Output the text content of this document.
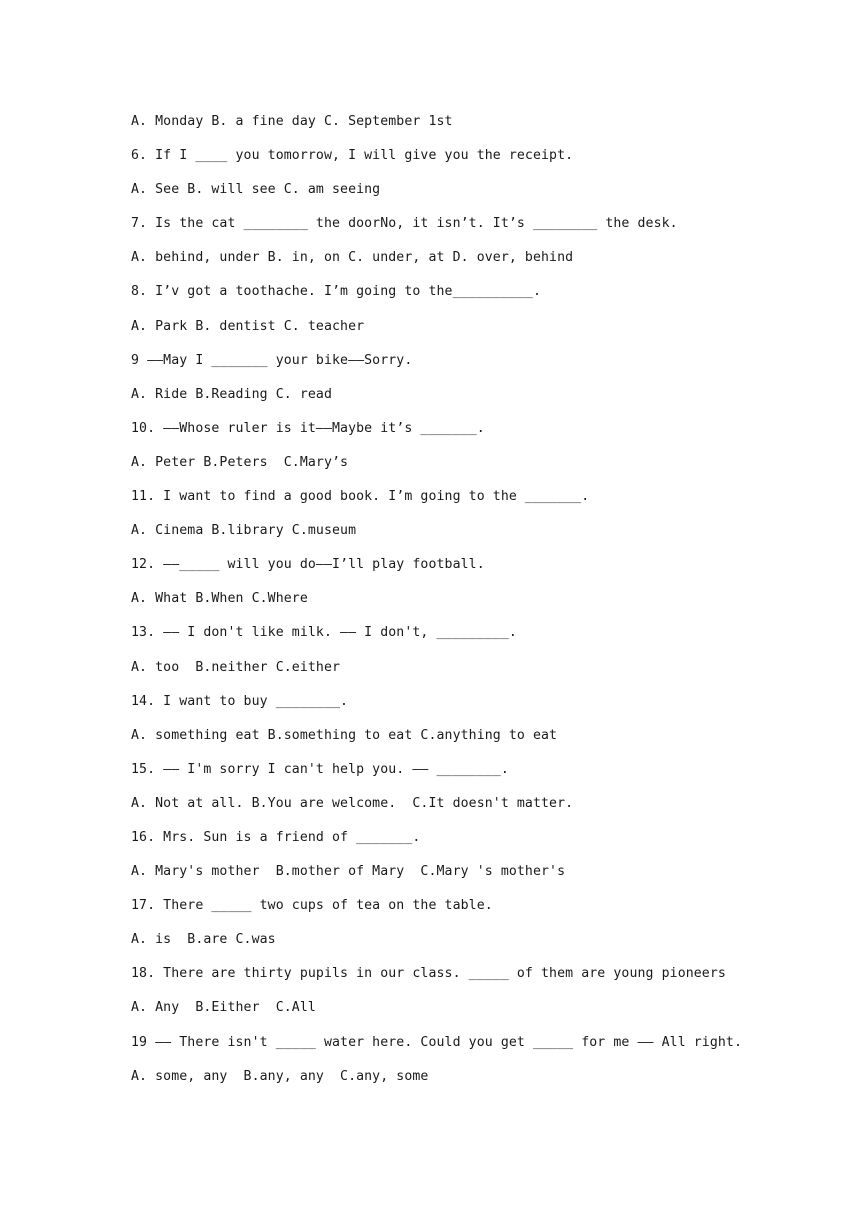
A. Monday B. a fine day C. September 1st
6. If I ____ you tomorrow, I will give you the receipt.
A. See B. will see C. am seeing
7. Is the cat ________ the doorNo, it isn’t. It’s ________ the desk.
A. behind, under B. in, on C. under, at D. over, behind
8. I’v got a toothache. I’m going to the__________.
A. Park B. dentist C. teacher
9 ——May I _______ your bike——Sorry.
A. Ride B.Reading C. read
10. ——Whose ruler is it——Maybe it’s _______.
A. Peter B.Peters  C.Mary’s
11. I want to find a good book. I’m going to the _______.
A. Cinema B.library C.museum
12. ——_____ will you do——I’ll play football.
A. What B.When C.Where
13. —— I don't like milk. —— I don't, _________.
A. too  B.neither C.either
14. I want to buy ________.
A. something eat B.something to eat C.anything to eat
15. —— I'm sorry I can't help you. —— ________.
A. Not at all. B.You are welcome.  C.It doesn't matter.
16. Mrs. Sun is a friend of _______.
A. Mary's mother  B.mother of Mary  C.Mary 's mother's
17. There _____ two cups of tea on the table.
A. is  B.are C.was
18. There are thirty pupils in our class. _____ of them are young pioneers
A. Any  B.Either  C.All
19 —— There isn't _____ water here. Could you get _____ for me —— All right.
A. some, any  B.any, any  C.any, some
